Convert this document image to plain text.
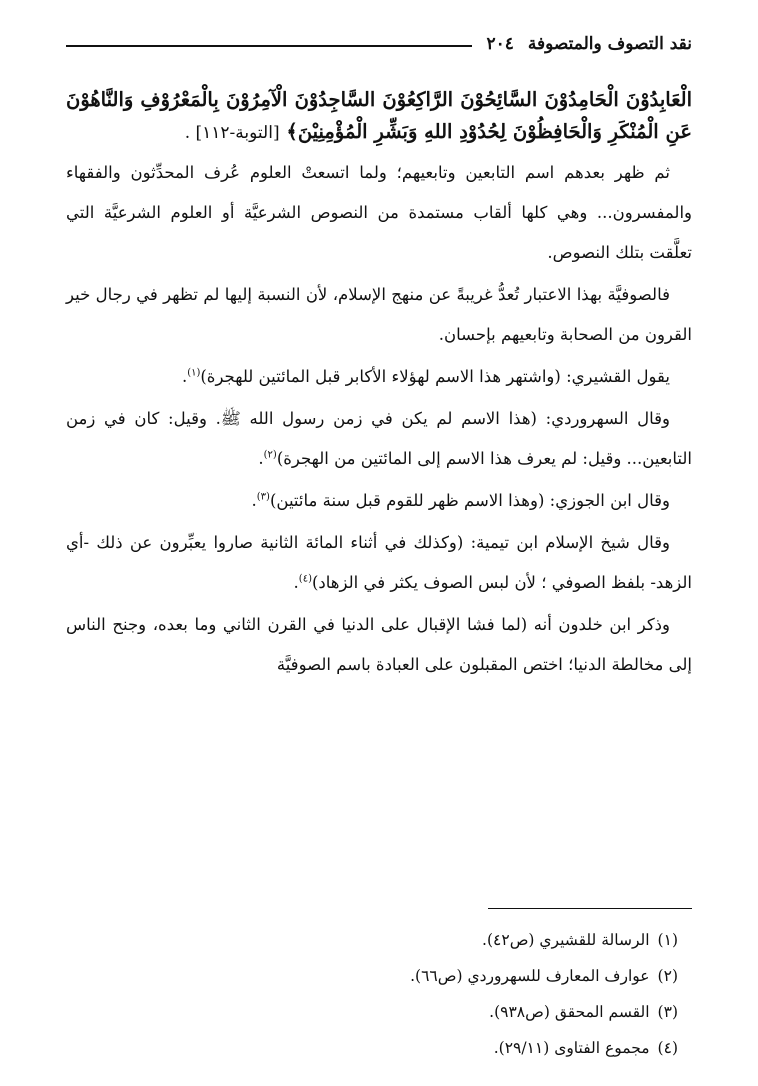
نقد التصوف والمتصوفة
٢٠٤

الْعَابِدُوْنَ الْحَامِدُوْنَ السَّائِحُوْنَ الرَّاكِعُوْنَ السَّاجِدُوْنَ الْآمِرُوْنَ بِالْمَعْرُوْفِ وَالنَّاهُوْنَ عَنِ الْمُنْكَرِ وَالْحَافِظُوْنَ لِحُدُوْدِ اللهِ وَبَشِّرِ الْمُؤْمِنِيْنَ﴾ [التوبة-١١٢] .

ثم ظهر بعدهم اسم التابعين وتابعيهم؛ ولما اتسعتْ العلوم عُرف المحدِّثون والفقهاء والمفسرون... وهي كلها ألقاب مستمدة من النصوص الشرعيَّة أو العلوم الشرعيَّة التي تعلَّقت بتلك النصوص.

فالصوفيَّة بهذا الاعتبار تُعدُّ غريبةً عن منهج الإسلام، لأن النسبة إليها لم تظهر في رجال خير القرون من الصحابة وتابعيهم بإحسان.

يقول القشيري: (واشتهر هذا الاسم لهؤلاء الأكابر قبل المائتين للهجرة)$^{(١)}$.

وقال السهروردي: (هذا الاسم لم يكن في زمن رسول الله ﷺ. وقيل: كان في زمن التابعين... وقيل: لم يعرف هذا الاسم إلى المائتين من الهجرة)$^{(٢)}$.

وقال ابن الجوزي: (وهذا الاسم ظهر للقوم قبل سنة مائتين)$^{(٣)}$.

وقال شيخ الإسلام ابن تيمية: (وكذلك في أثناء المائة الثانية صاروا يعبِّرون عن ذلك -أي الزهد- بلفظ الصوفي ؛ لأن لبس الصوف يكثر في الزهاد)$^{(٤)}$.

وذكر ابن خلدون أنه (لما فشا الإقبال على الدنيا في القرن الثاني وما بعده، وجنح الناس إلى مخالطة الدنيا؛ اختص المقبلون على العبادة باسم الصوفيَّة

(١)
الرسالة للقشيري (ص٤٢).
(٢)
عوارف المعارف للسهروردي (ص٦٦).
(٣)
القسم المحقق (ص٩٣٨).
(٤)
مجموع الفتاوى (٢٩/١١).
